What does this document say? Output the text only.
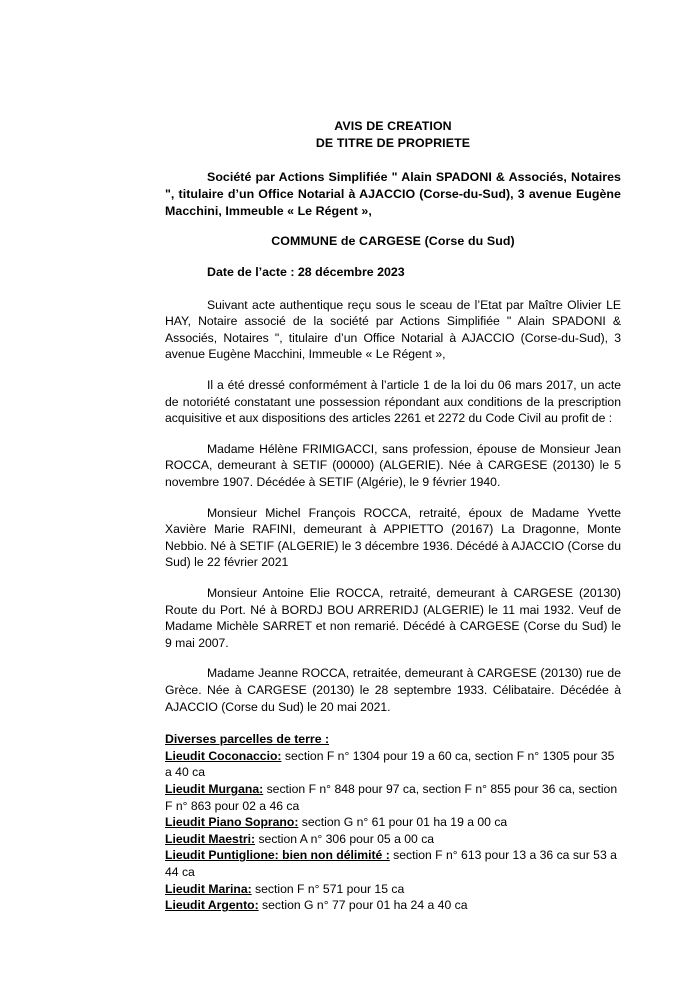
AVIS DE CREATION
DE TITRE DE PROPRIETE

Société par Actions Simplifiée " Alain SPADONI & Associés, Notaires ", titulaire d’un Office Notarial à AJACCIO (Corse-du-Sud), 3 avenue Eugène Macchini, Immeuble « Le Régent »,

COMMUNE de CARGESE (Corse du Sud)
Date de l’acte : 28 décembre 2023

Suivant acte authentique reçu sous le sceau de l’Etat par Maître Olivier LE HAY, Notaire associé de la société par Actions Simplifiée " Alain SPADONI & Associés, Notaires ", titulaire d’un Office Notarial à AJACCIO (Corse-du-Sud), 3 avenue Eugène Macchini, Immeuble « Le Régent »,

Il a été dressé conformément à l’article 1 de la loi du 06 mars 2017, un acte de notoriété constatant une possession répondant aux conditions de la prescription acquisitive et aux dispositions des articles 2261 et 2272 du Code Civil au profit de :

Madame Hélène FRIMIGACCI, sans profession, épouse de Monsieur Jean ROCCA, demeurant à SETIF (00000) (ALGERIE). Née à CARGESE (20130) le 5 novembre 1907. Décédée à SETIF (Algérie), le 9 février 1940.

Monsieur Michel François ROCCA, retraité, époux de Madame Yvette Xavière Marie RAFINI, demeurant à APPIETTO (20167) La Dragonne, Monte Nebbio. Né à SETIF (ALGERIE) le 3 décembre 1936. Décédé à AJACCIO (Corse du Sud) le 22 février 2021

Monsieur Antoine Elie ROCCA, retraité, demeurant à CARGESE (20130) Route du Port. Né à BORDJ BOU ARRERIDJ (ALGERIE) le 11 mai 1932. Veuf de Madame Michèle SARRET et non remarié. Décédé à CARGESE (Corse du Sud) le 9 mai 2007.

Madame Jeanne ROCCA, retraitée, demeurant à CARGESE (20130) rue de Grèce. Née à CARGESE (20130) le 28 septembre 1933. Célibataire. Décédée à AJACCIO (Corse du Sud) le 20 mai 2021.

Diverses parcelles de terre :
Lieudit Coconaccio: section F n° 1304 pour 19 a 60 ca, section F n° 1305 pour 35 a 40 ca
Lieudit Murgana: section F n° 848 pour 97 ca, section F n° 855 pour 36 ca, section F n° 863 pour 02 a 46 ca
Lieudit Piano Soprano: section G n° 61 pour 01 ha 19 a 00 ca
Lieudit Maestri: section A n° 306 pour 05 a 00 ca
Lieudit Puntiglione: bien non délimité : section F n° 613 pour 13 a 36 ca sur 53 a 44 ca
Lieudit Marina: section F n° 571 pour 15 ca
Lieudit Argento: section G n° 77 pour 01 ha 24 a 40 ca
